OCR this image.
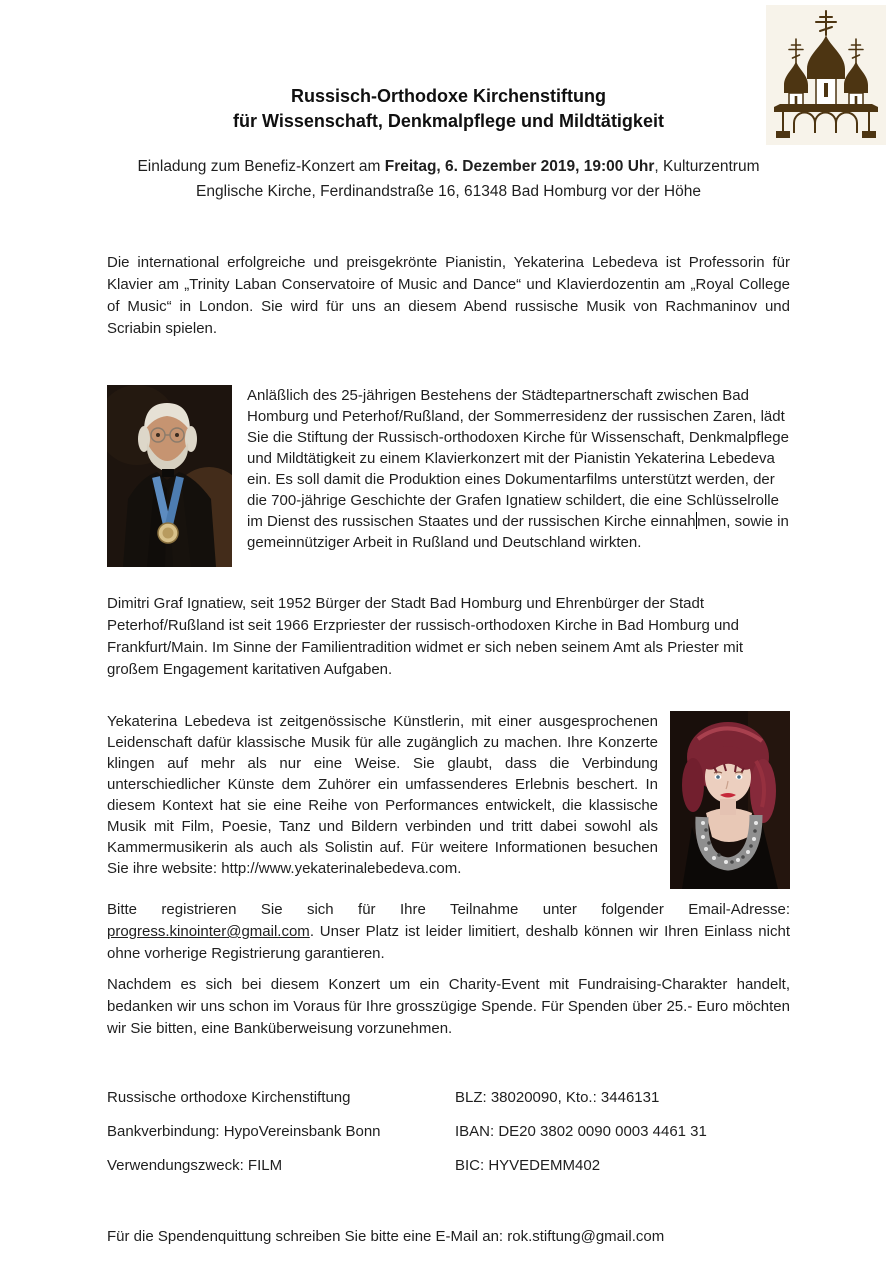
Russisch-Orthodoxe Kirchenstiftung
für Wissenschaft, Denkmalpflege und Mildtätigkeit
Einladung zum Benefiz-Konzert am Freitag, 6. Dezember 2019, 19:00 Uhr, Kulturzentrum Englische Kirche, Ferdinandstraße 16, 61348 Bad Homburg vor der Höhe
Die international erfolgreiche und preisgekrönte Pianistin, Yekaterina Lebedeva ist Professorin für Klavier am „Trinity Laban Conservatoire of Music and Dance“ und Klavierdozentin am „Royal College of Music“ in London. Sie wird für uns an diesem Abend russische Musik von Rachmaninov und Scriabin spielen.
Anläßlich des 25-jährigen Bestehens der Städtepartnerschaft zwischen Bad Homburg und Peterhof/Rußland, der Sommerresidenz der russischen Zaren, lädt Sie die Stiftung der Russisch-orthodoxen Kirche für Wissenschaft, Denkmalpflege und Mildtätigkeit zu einem Klavierkonzert mit der Pianistin Yekaterina Lebedeva ein. Es soll damit die Produktion eines Dokumentarfilms unterstützt werden, der die 700-jährige Geschichte der Grafen Ignatiew schildert, die eine Schlüsselrolle im Dienst des russischen Staates und der russischen Kirche einnah men, sowie in gemeinnütziger Arbeit in Rußland und Deutschland wirkten.
Dimitri Graf Ignatiew, seit 1952 Bürger der Stadt Bad Homburg und Ehrenbürger der Stadt Peterhof/Rußland ist seit 1966 Erzpriester der russisch-orthodoxen Kirche in Bad Homburg und Frankfurt/Main. Im Sinne der Familientradition widmet er sich neben seinem Amt als Priester mit großem Engagement karitativen Aufgaben.
Yekaterina Lebedeva ist zeitgenössische Künstlerin, mit einer ausgesprochenen Leidenschaft dafür klassische Musik für alle zugänglich zu machen. Ihre Konzerte klingen auf mehr als nur eine Weise. Sie glaubt, dass die Verbindung unterschiedlicher Künste dem Zuhörer ein umfassenderes Erlebnis beschert. In diesem Kontext hat sie eine Reihe von Performances entwickelt, die klassische Musik mit Film, Poesie, Tanz und Bildern verbinden und tritt dabei sowohl als Kammermusikerin als auch als Solistin auf. Für weitere Informationen besuchen Sie ihre website: http://www.yekaterinalebedeva.com.
Bitte registrieren Sie sich für Ihre Teilnahme unter folgender Email-Adresse: progress.kinointer@gmail.com. Unser Platz ist leider limitiert, deshalb können wir Ihren Einlass nicht ohne vorherige Registrierung garantieren.
Nachdem es sich bei diesem Konzert um ein Charity-Event mit Fundraising-Charakter handelt, bedanken wir uns schon im Voraus für Ihre grosszügige Spende. Für Spenden über 25.- Euro möchten wir Sie bitten, eine Banküberweisung vorzunehmen.
Russische orthodoxe Kirchenstiftung	BLZ: 38020090, Kto.: 3446131
Bankverbindung: HypoVereinsbank Bonn	IBAN: DE20 3802 0090 0003 4461 31
Verwendungszweck: FILM	BIC: HYVEDEMM402
Für die Spendenquittung schreiben Sie bitte eine E-Mail an: rok.stiftung@gmail.com
